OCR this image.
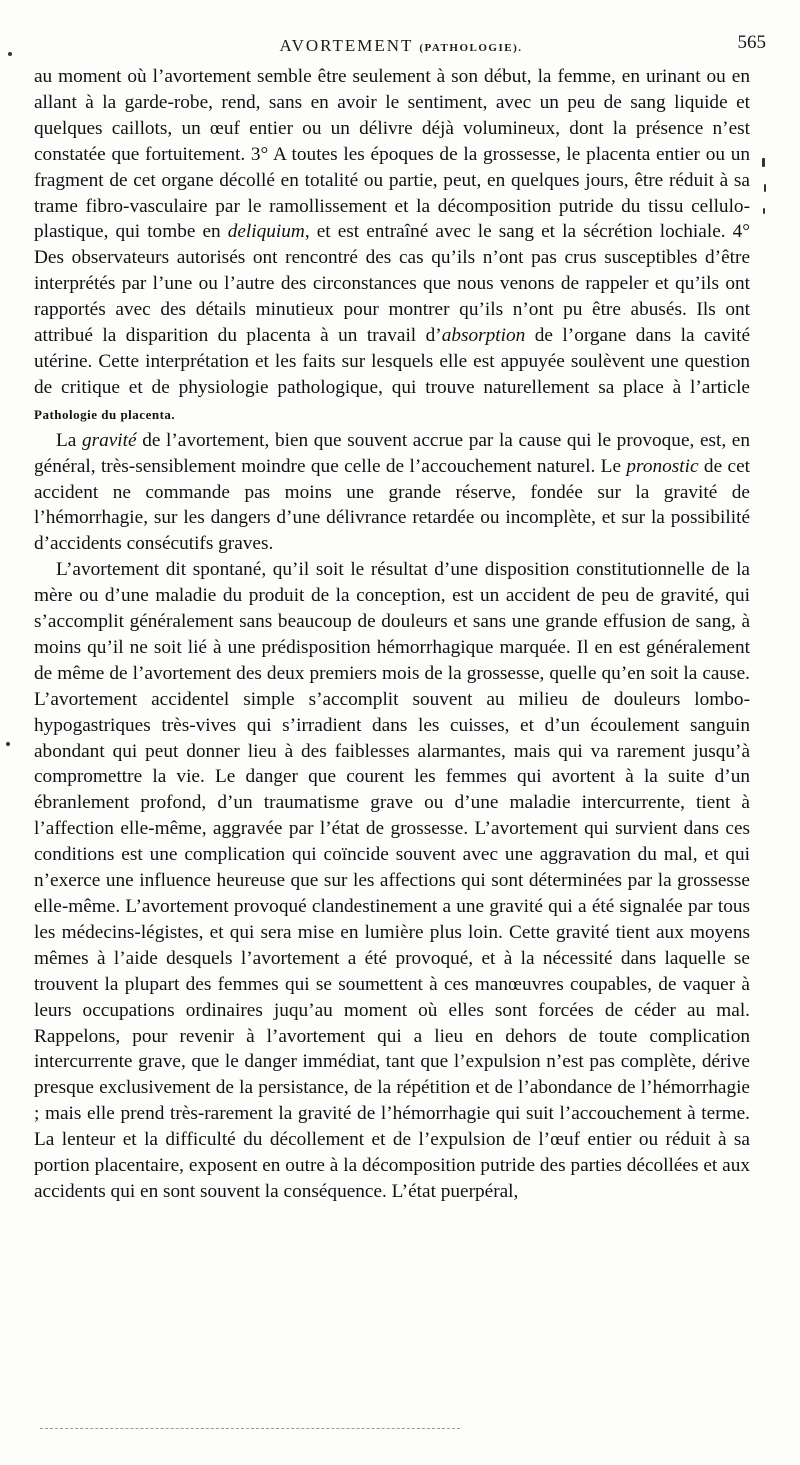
AVORTEMENT (PATHOLOGIE).	565

au moment où l’avortement semble être seulement à son début, la femme, en urinant ou en allant à la garde-robe, rend, sans en avoir le sentiment, avec un peu de sang liquide et quelques caillots, un œuf entier ou un délivre déjà volumineux, dont la présence n’est constatée que fortuitement. 3° A toutes les époques de la grossesse, le placenta entier ou un fragment de cet organe décollé en totalité ou partie, peut, en quelques jours, être réduit à sa trame fibro-vasculaire par le ramollissement et la décomposition putride du tissu cellulo-plastique, qui tombe en deliquium, et est entraîné avec le sang et la sécrétion lochiale. 4° Des observateurs autorisés ont rencontré des cas qu’ils n’ont pas crus susceptibles d’être interprétés par l’une ou l’autre des circonstances que nous venons de rappeler et qu’ils ont rapportés avec des détails minutieux pour montrer qu’ils n’ont pu être abusés. Ils ont attribué la disparition du placenta à un travail d’absorption de l’organe dans la cavité utérine. Cette interprétation et les faits sur lesquels elle est appuyée soulèvent une question de critique et de physiologie pathologique, qui trouve naturellement sa place à l’article Pathologie du placenta.

La gravité de l’avortement, bien que souvent accrue par la cause qui le provoque, est, en général, très-sensiblement moindre que celle de l’accouchement naturel. Le pronostic de cet accident ne commande pas moins une grande réserve, fondée sur la gravité de l’hémorrhagie, sur les dangers d’une délivrance retardée ou incomplète, et sur la possibilité d’accidents consécutifs graves.

L’avortement dit spontané, qu’il soit le résultat d’une disposition constitutionnelle de la mère ou d’une maladie du produit de la conception, est un accident de peu de gravité, qui s’accomplit généralement sans beaucoup de douleurs et sans une grande effusion de sang, à moins qu’il ne soit lié à une prédisposition hémorrhagique marquée. Il en est généralement de même de l’avortement des deux premiers mois de la grossesse, quelle qu’en soit la cause. L’avortement accidentel simple s’accomplit souvent au milieu de douleurs lombo-hypogastriques très-vives qui s’irradient dans les cuisses, et d’un écoulement sanguin abondant qui peut donner lieu à des faiblesses alarmantes, mais qui va rarement jusqu’à compromettre la vie. Le danger que courent les femmes qui avortent à la suite d’un ébranlement profond, d’un traumatisme grave ou d’une maladie intercurrente, tient à l’affection elle-même, aggravée par l’état de grossesse. L’avortement qui survient dans ces conditions est une complication qui coïncide souvent avec une aggravation du mal, et qui n’exerce une influence heureuse que sur les affections qui sont déterminées par la grossesse elle-même. L’avortement provoqué clandestinement a une gravité qui a été signalée par tous les médecins-légistes, et qui sera mise en lumière plus loin. Cette gravité tient aux moyens mêmes à l’aide desquels l’avortement a été provoqué, et à la nécessité dans laquelle se trouvent la plupart des femmes qui se soumettent à ces manœuvres coupables, de vaquer à leurs occupations ordinaires juqu’au moment où elles sont forcées de céder au mal. Rappelons, pour revenir à l’avortement qui a lieu en dehors de toute complication intercurrente grave, que le danger immédiat, tant que l’expulsion n’est pas complète, dérive presque exclusivement de la persistance, de la répétition et de l’abondance de l’hémorrhagie ; mais elle prend très-rarement la gravité de l’hémorrhagie qui suit l’accouchement à terme. La lenteur et la difficulté du décollement et de l’expulsion de l’œuf entier ou réduit à sa portion placentaire, exposent en outre à la décomposition putride des parties décollées et aux accidents qui en sont souvent la conséquence. L’état puerpéral,
